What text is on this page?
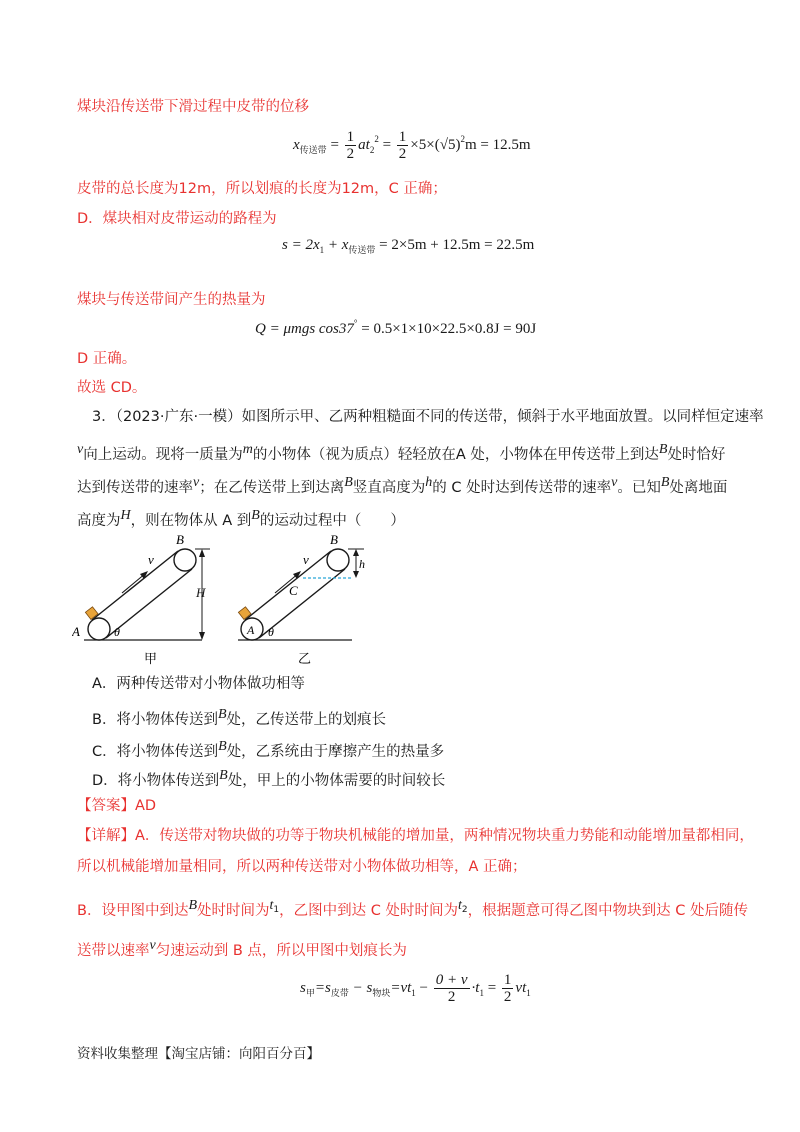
煤块沿传送带下滑过程中皮带的位移
$x_{传送带} = \frac{1}{2} at_2^2 = \frac{1}{2} \times 5\times(√5)^2m = 12.5m$
皮带的总长度为12m，所以划痕的长度为12m，C 正确；
D．煤块相对皮带运动的路程为
$s = 2x_1 + x_{传送带} = 2\times 5m + 12.5m = 22.5m$
煤块与传送带间产生的热量为
Q = μmgs cos37° = 0.5×1×10×22.5×0.8J = 90J
D 正确。
故选 CD。
3．（2023·广东·一模）如图所示甲、乙两种粗糙面不同的传送带，倾斜于水平地面放置。以同样恒定速率
v向上运动。现将一质量为m的小物体（视为质点）轻轻放在A 处，小物体在甲传送带上到达B处时恰好
达到传送带的速率v；在乙传送带上到达离B竖直高度为h的 C 处时达到传送带的速率v。已知B处离地面
高度为H，则在物体从 A 到B的运动过程中（　　）
v
B
A	θ
H
甲
v
B
A θ
C
h
乙
A．两种传送带对小物体做功相等
B．将小物体传送到B处，乙传送带上的划痕长
C．将小物体传送到B处，乙系统由于摩擦产生的热量多
D．将小物体传送到B处，甲上的小物体需要的时间较长
【答案】AD
【详解】A．传送带对物块做的功等于物块机械能的增加量，两种情况物块重力势能和动能增加量都相同，
所以机械能增加量相同，所以两种传送带对小物体做功相等，A 正确；
B．设甲图中到达B处时时间为$t^1$，乙图中到达 C 处时时间为$t^2$，根据题意可得乙图中物块到达 C 处后随传
送带以速率v匀速运动到 B 点，所以甲图中划痕长为
$s_甲=s_{皮带} - s_{物块}=vt_1 - \frac{0 + v}{2} \cdot t_1 = \frac{1}{2} vt_1$
资料收集整理【淘宝店铺：向阳百分百】
